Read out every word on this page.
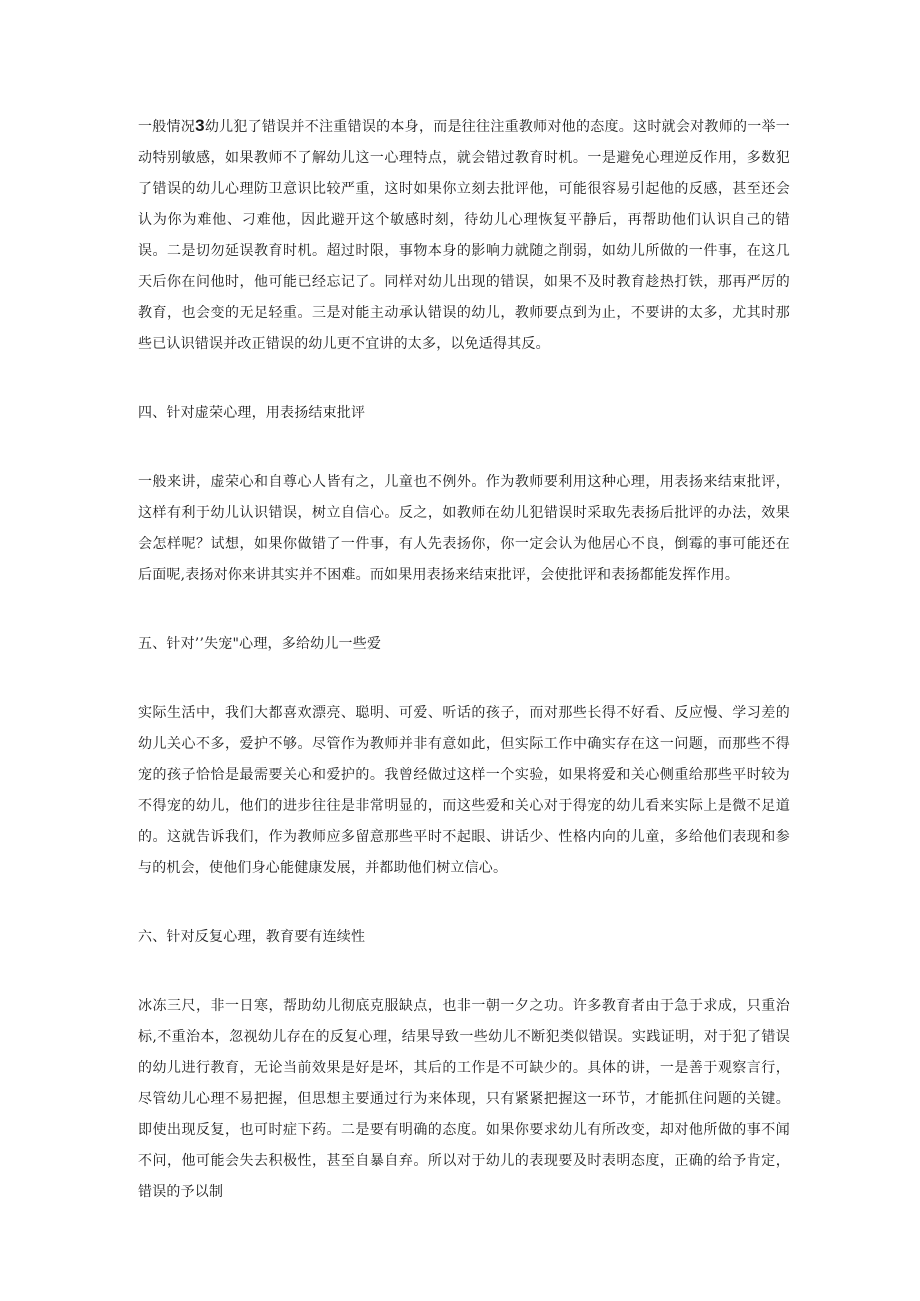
一般情况3幼儿犯了错误并不注重错误的本身，而是往往注重教师对他的态度。这时就会对教师的一举一动特别敏感，如果教师不了解幼儿这一心理特点，就会错过教育时机。一是避免心理逆反作用，多数犯了错误的幼儿心理防卫意识比较严重，这时如果你立刻去批评他，可能很容易引起他的反感，甚至还会认为你为难他、刁难他，因此避开这个敏感时刻，待幼儿心理恢复平静后，再帮助他们认识自己的错误。二是切勿延误教育时机。超过时限，事物本身的影响力就随之削弱，如幼儿所做的一件事，在这几天后你在问他时，他可能已经忘记了。同样对幼儿出现的错误，如果不及时教育趁热打铁，那再严厉的教育，也会变的无足轻重。三是对能主动承认错误的幼儿，教师要点到为止，不要讲的太多，尤其时那些已认识错误并改正错误的幼儿更不宜讲的太多，以免适得其反。

四、针对虚荣心理，用表扬结束批评

一般来讲，虚荣心和自尊心人皆有之，儿童也不例外。作为教师要利用这种心理，用表扬来结束批评，这样有利于幼儿认识错误，树立自信心。反之，如教师在幼儿犯错误时采取先表扬后批评的办法，效果会怎样呢？试想，如果你做错了一件事，有人先表扬你，你一定会认为他居心不良，倒霉的事可能还在后面呢,表扬对你来讲其实并不困难。而如果用表扬来结束批评，会使批评和表扬都能发挥作用。

五、针对’’失宠"心理，多给幼儿一些爱

实际生活中，我们大都喜欢漂亮、聪明、可爱、听话的孩子，而对那些长得不好看、反应慢、学习差的幼儿关心不多，爱护不够。尽管作为教师并非有意如此，但实际工作中确实存在这一问题，而那些不得宠的孩子恰恰是最需要关心和爱护的。我曾经做过这样一个实验，如果将爱和关心侧重给那些平时较为不得宠的幼儿，他们的进步往往是非常明显的，而这些爱和关心对于得宠的幼儿看来实际上是微不足道的。这就告诉我们，作为教师应多留意那些平时不起眼、讲话少、性格内向的儿童，多给他们表现和参与的机会，使他们身心能健康发展，并都助他们树立信心。

六、针对反复心理，教育要有连续性

冰冻三尺，非一日寒，帮助幼儿彻底克服缺点，也非一朝一夕之功。许多教育者由于急于求成，只重治标,不重治本，忽视幼儿存在的反复心理，结果导致一些幼儿不断犯类似错误。实践证明，对于犯了错误的幼儿进行教育，无论当前效果是好是坏，其后的工作是不可缺少的。具体的讲，一是善于观察言行，尽管幼儿心理不易把握，但思想主要通过行为来体现，只有紧紧把握这一环节，才能抓住问题的关键。即使出现反复，也可时症下药。二是要有明确的态度。如果你要求幼儿有所改变，却对他所做的事不闻不问，他可能会失去积极性，甚至自暴自弃。所以对于幼儿的表现要及时表明态度，正确的给予肯定，错误的予以制
